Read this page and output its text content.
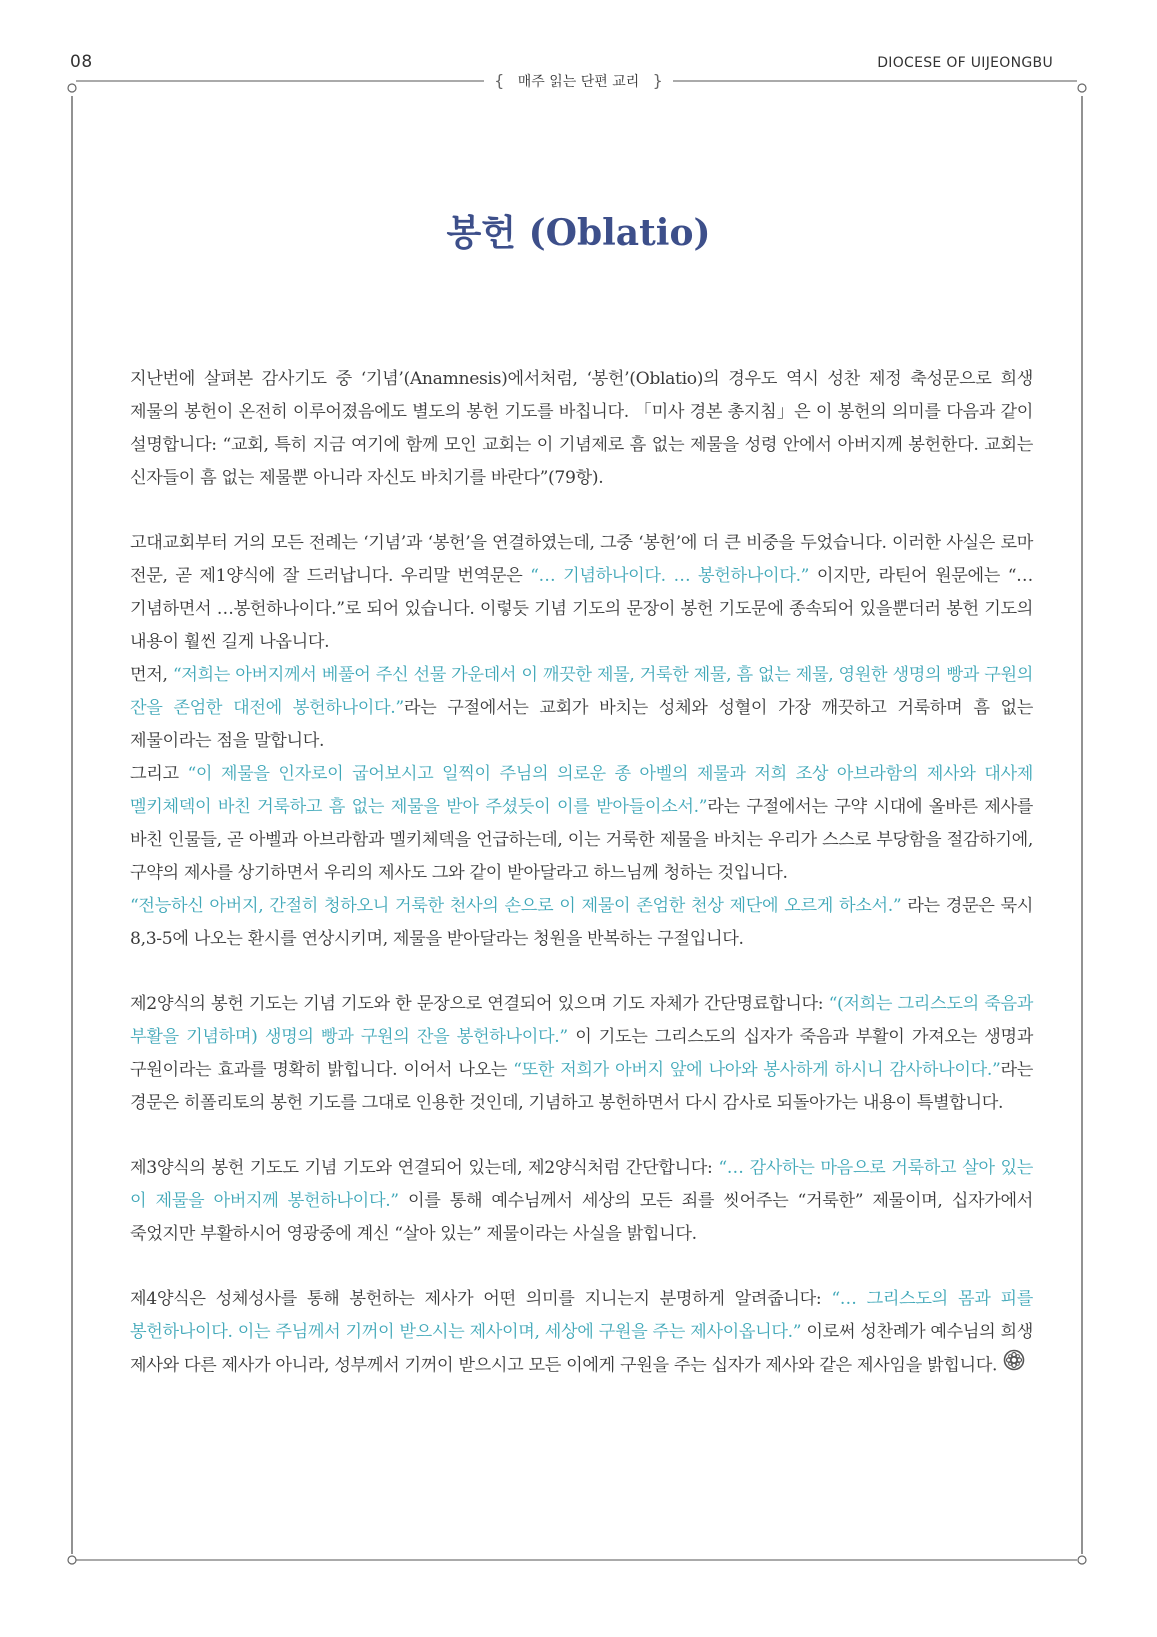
08	DIOCESE OF UIJEONGBU
{ 매주 읽는 단편 교리 }
봉헌 (Oblatio)

지난번에 살펴본 감사기도 중 ‘기념’(Anamnesis)에서처럼, ‘봉헌’(Oblatio)의 경우도 역시 성찬 제정 축성문으로 희생 제물의 봉헌이 온전히 이루어졌음에도 별도의 봉헌 기도를 바칩니다. 「미사 경본 총지침」은 이 봉헌의 의미를 다음과 같이 설명합니다: “교회, 특히 지금 여기에 함께 모인 교회는 이 기념제로 흠 없는 제물을 성령 안에서 아버지께 봉헌한다. 교회는 신자들이 흠 없는 제물뿐 아니라 자신도 바치기를 바란다”(79항).

고대교회부터 거의 모든 전례는 ‘기념’과 ‘봉헌’을 연결하였는데, 그중 ‘봉헌’에 더 큰 비중을 두었습니다. 이러한 사실은 로마 전문, 곧 제1양식에 잘 드러납니다. 우리말 번역문은 “… 기념하나이다. … 봉헌하나이다.” 이지만, 라틴어 원문에는 “… 기념하면서 …봉헌하나이다.”로 되어 있습니다. 이렇듯 기념 기도의 문장이 봉헌 기도문에 종속되어 있을뿐더러 봉헌 기도의 내용이 훨씬 길게 나옵니다.

먼저, “저희는 아버지께서 베풀어 주신 선물 가운데서 이 깨끗한 제물, 거룩한 제물, 흠 없는 제물, 영원한 생명의 빵과 구원의 잔을 존엄한 대전에 봉헌하나이다.”라는 구절에서는 교회가 바치는 성체와 성혈이 가장 깨끗하고 거룩하며 흠 없는 제물이라는 점을 말합니다.

그리고 “이 제물을 인자로이 굽어보시고 일찍이 주님의 의로운 종 아벨의 제물과 저희 조상 아브라함의 제사와 대사제 멜키체덱이 바친 거룩하고 흠 없는 제물을 받아 주셨듯이 이를 받아들이소서.”라는 구절에서는 구약 시대에 올바른 제사를 바친 인물들, 곧 아벨과 아브라함과 멜키체덱을 언급하는데, 이는 거룩한 제물을 바치는 우리가 스스로 부당함을 절감하기에, 구약의 제사를 상기하면서 우리의 제사도 그와 같이 받아달라고 하느님께 청하는 것입니다.

“전능하신 아버지, 간절히 청하오니 거룩한 천사의 손으로 이 제물이 존엄한 천상 제단에 오르게 하소서.” 라는 경문은 묵시 8,3-5에 나오는 환시를 연상시키며, 제물을 받아달라는 청원을 반복하는 구절입니다.

제2양식의 봉헌 기도는 기념 기도와 한 문장으로 연결되어 있으며 기도 자체가 간단명료합니다: “(저희는 그리스도의 죽음과 부활을 기념하며) 생명의 빵과 구원의 잔을 봉헌하나이다.” 이 기도는 그리스도의 십자가 죽음과 부활이 가져오는 생명과 구원이라는 효과를 명확히 밝힙니다. 이어서 나오는 “또한 저희가 아버지 앞에 나아와 봉사하게 하시니 감사하나이다.”라는 경문은 히폴리토의 봉헌 기도를 그대로 인용한 것인데, 기념하고 봉헌하면서 다시 감사로 되돌아가는 내용이 특별합니다.

제3양식의 봉헌 기도도 기념 기도와 연결되어 있는데, 제2양식처럼 간단합니다: “… 감사하는 마음으로 거룩하고 살아 있는 이 제물을 아버지께 봉헌하나이다.” 이를 통해 예수님께서 세상의 모든 죄를 씻어주는 “거룩한” 제물이며, 십자가에서 죽었지만 부활하시어 영광중에 계신 “살아 있는” 제물이라는 사실을 밝힙니다.

제4양식은 성체성사를 통해 봉헌하는 제사가 어떤 의미를 지니는지 분명하게 알려줍니다: “… 그리스도의 몸과 피를 봉헌하나이다. 이는 주님께서 기꺼이 받으시는 제사이며, 세상에 구원을 주는 제사이옵니다.” 이로써 성찬례가 예수님의 희생 제사와 다른 제사가 아니라, 성부께서 기꺼이 받으시고 모든 이에게 구원을 주는 십자가 제사와 같은 제사임을 밝힙니다.
